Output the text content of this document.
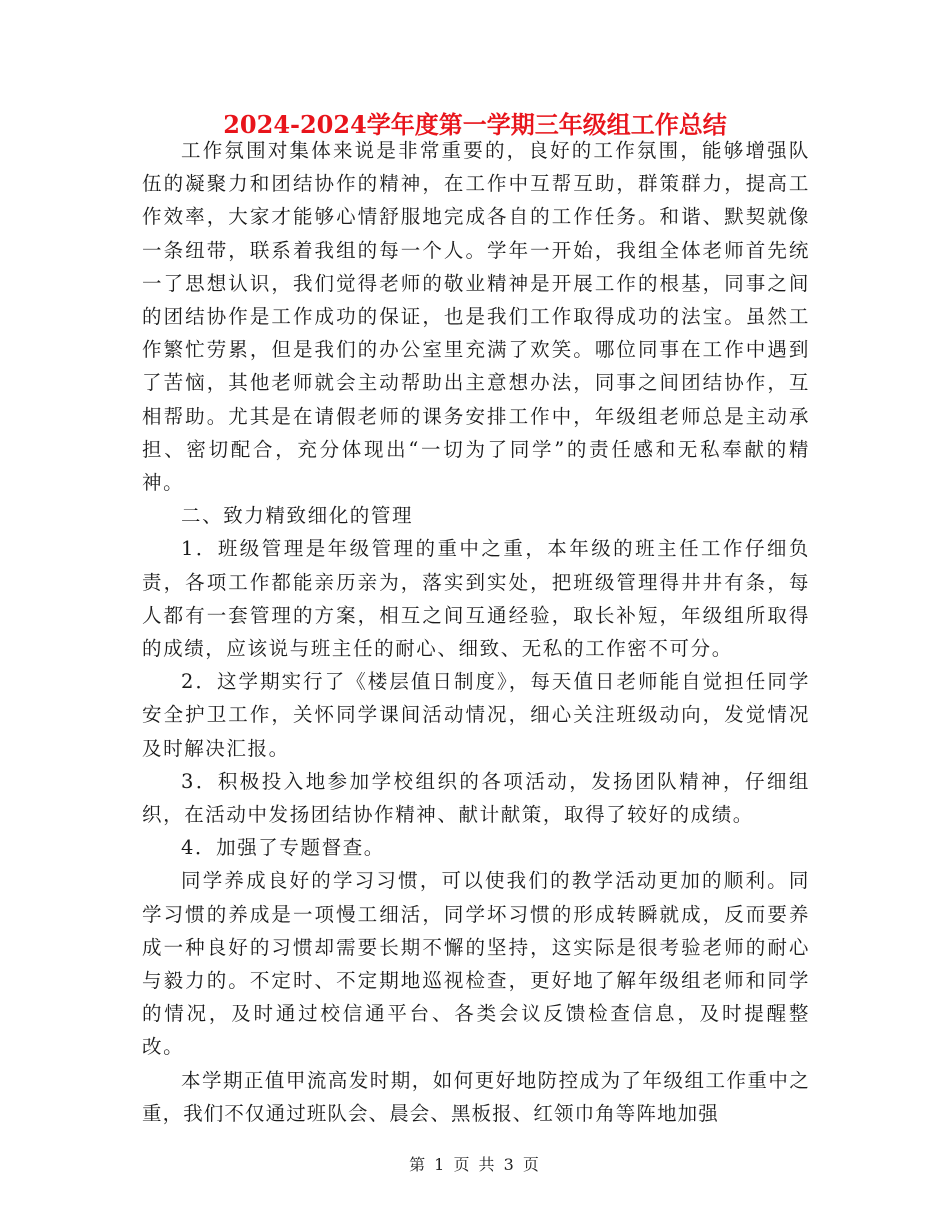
2024-2024学年度第一学期三年级组工作总结

工作氛围对集体来说是非常重要的，良好的工作氛围，能够增强队伍的凝聚力和团结协作的精神，在工作中互帮互助，群策群力，提高工作效率，大家才能够心情舒服地完成各自的工作任务。和谐、默契就像一条纽带，联系着我组的每一个人。学年一开始，我组全体老师首先统一了思想认识，我们觉得老师的敬业精神是开展工作的根基，同事之间的团结协作是工作成功的保证，也是我们工作取得成功的法宝。虽然工作繁忙劳累，但是我们的办公室里充满了欢笑。哪位同事在工作中遇到了苦恼，其他老师就会主动帮助出主意想办法，同事之间团结协作，互相帮助。尤其是在请假老师的课务安排工作中，年级组老师总是主动承担、密切配合，充分体现出“一切为了同学”的责任感和无私奉献的精神。

二、致力精致细化的管理

1．班级管理是年级管理的重中之重，本年级的班主任工作仔细负责，各项工作都能亲历亲为，落实到实处，把班级管理得井井有条，每人都有一套管理的方案，相互之间互通经验，取长补短，年级组所取得的成绩，应该说与班主任的耐心、细致、无私的工作密不可分。

2．这学期实行了《楼层值日制度》，每天值日老师能自觉担任同学安全护卫工作，关怀同学课间活动情况，细心关注班级动向，发觉情况及时解决汇报。

3．积极投入地参加学校组织的各项活动，发扬团队精神，仔细组织，在活动中发扬团结协作精神、献计献策，取得了较好的成绩。

4．加强了专题督查。

同学养成良好的学习习惯，可以使我们的教学活动更加的顺利。同学习惯的养成是一项慢工细活，同学坏习惯的形成转瞬就成，反而要养成一种良好的习惯却需要长期不懈的坚持，这实际是很考验老师的耐心与毅力的。不定时、不定期地巡视检查，更好地了解年级组老师和同学的情况，及时通过校信通平台、各类会议反馈检查信息，及时提醒整改。

本学期正值甲流高发时期，如何更好地防控成为了年级组工作重中之重，我们不仅通过班队会、晨会、黑板报、红领巾角等阵地加强

第 1 页 共 3 页
